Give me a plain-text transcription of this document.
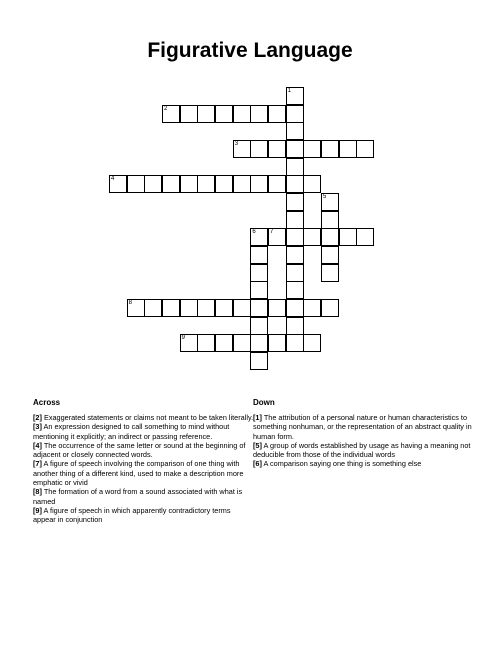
Figurative Language
1
2
3
4
5
6 7
8
9
Across
[2] Exaggerated statements or claims not meant to be taken literally.
[3] An expression designed to call something to mind without mentioning it explicitly; an indirect or passing reference.
[4] The occurrence of the same letter or sound at the beginning of adjacent or closely connected words.
[7] A figure of speech involving the comparison of one thing with another thing of a different kind, used to make a description more emphatic or vivid
[8] The formation of a word from a sound associated with what is named
[9] A figure of speech in which apparently contradictory terms appear in conjunction
Down
[1] The attribution of a personal nature or human characteristics to something nonhuman, or the representation of an abstract quality in human form.
[5] A group of words established by usage as having a meaning not deducible from those of the individual words
[6] A comparison saying one thing is something else
